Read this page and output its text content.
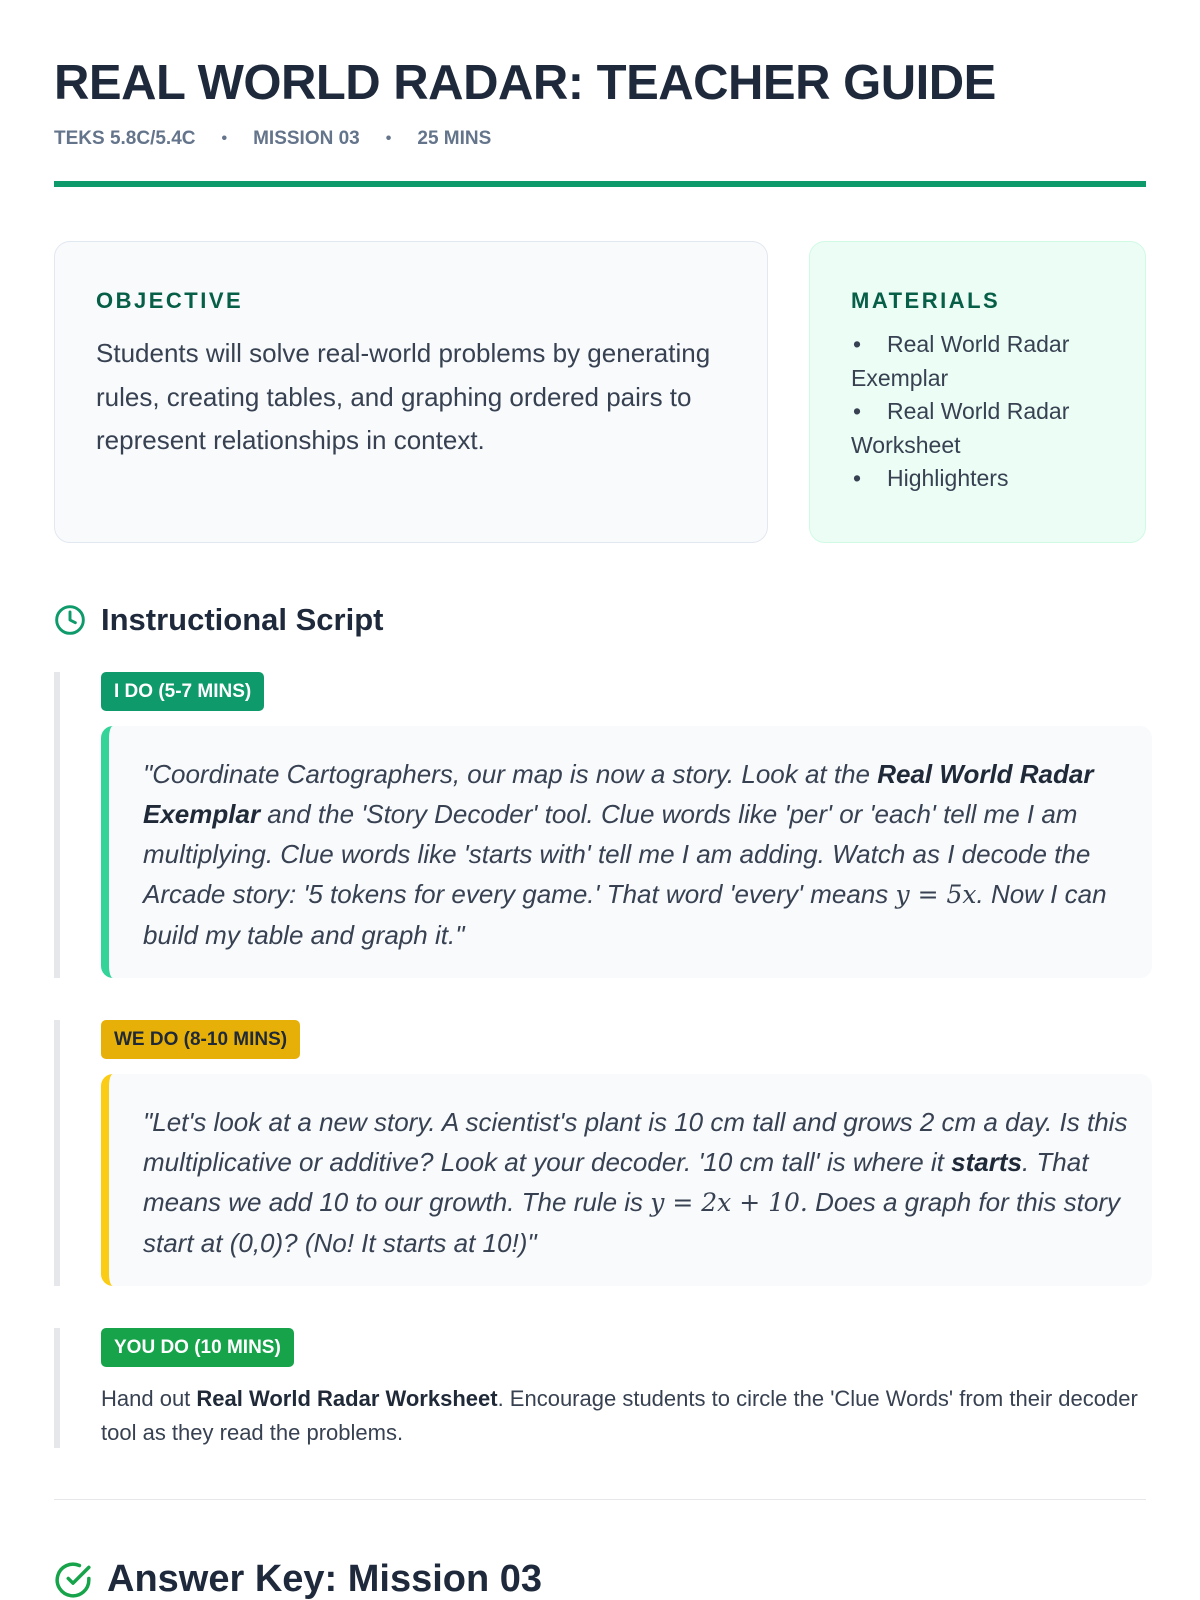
REAL WORLD RADAR: TEACHER GUIDE
TEKS 5.8C/5.4C • MISSION 03 • 25 MINS
OBJECTIVE

Students will solve real-world problems by generating rules, creating tables, and graphing ordered pairs to represent relationships in context.

MATERIALS
• Real World Radar Exemplar
• Real World Radar Worksheet
• Highlighters
Instructional Script
I DO (5-7 MINS)
"Coordinate Cartographers, our map is now a story. Look at the Real World Radar Exemplar and the 'Story Decoder' tool. Clue words like 'per' or 'each' tell me I am multiplying. Clue words like 'starts with' tell me I am adding. Watch as I decode the Arcade story: '5 tokens for every game.' That word 'every' means y = 5x. Now I can build my table and graph it."
WE DO (8-10 MINS)
"Let's look at a new story. A scientist's plant is 10 cm tall and grows 2 cm a day. Is this multiplicative or additive? Look at your decoder. '10 cm tall' is where it starts. That means we add 10 to our growth. The rule is y = 2x + 10. Does a graph for this story start at (0,0)? (No! It starts at 10!)"
YOU DO (10 MINS)

Hand out Real World Radar Worksheet. Encourage students to circle the 'Clue Words' from their decoder tool as they read the problems.

Answer Key: Mission 03
